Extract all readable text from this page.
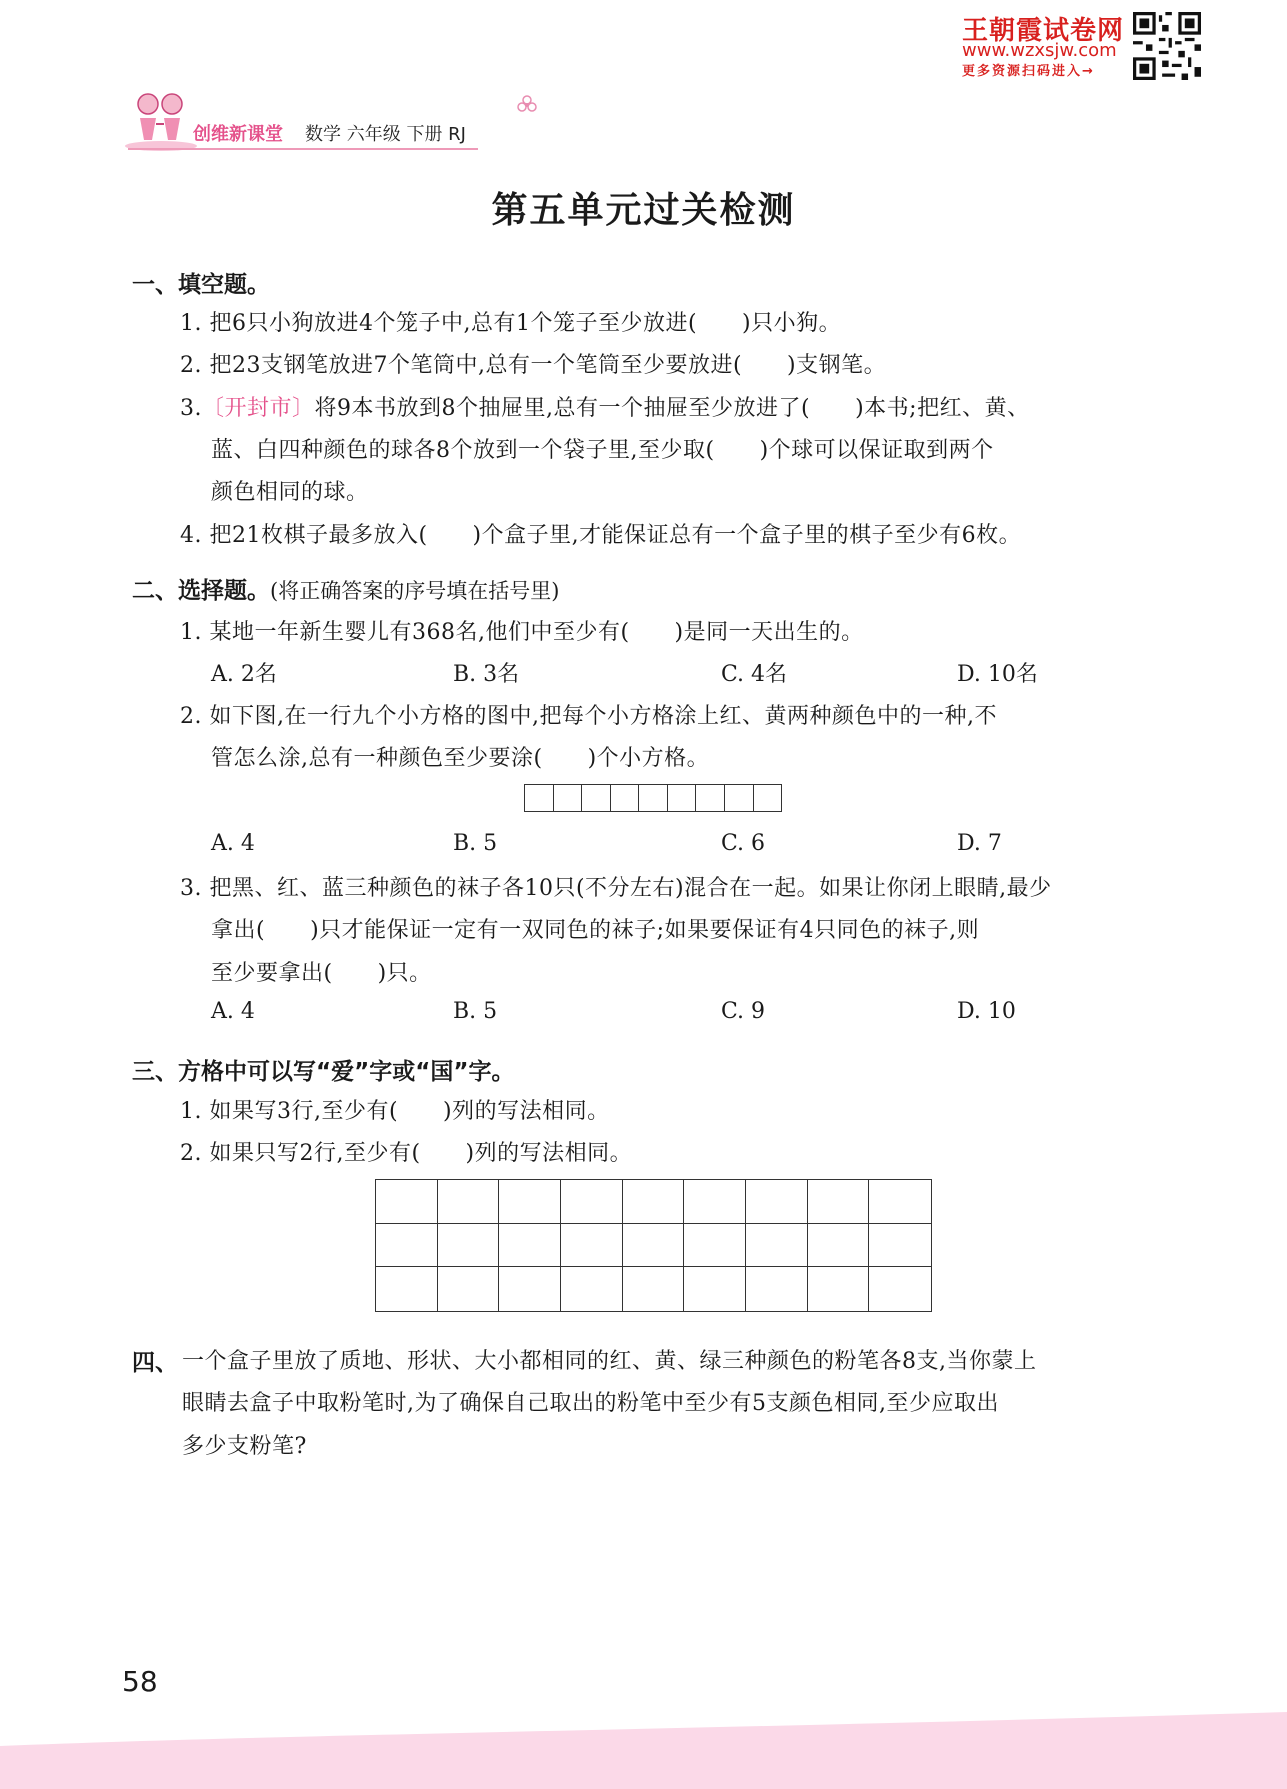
王朝霞试卷网
www.wzxsjw.com
更多资源扫码进入→
创维新课堂 数学 六年级 下册 RJ
第五单元过关检测
一、填空题。
1. 把6只小狗放进4个笼子中,总有1个笼子至少放进(　　)只小狗。
2. 把23支钢笔放进7个笔筒中,总有一个笔筒至少要放进(　　)支钢笔。
3.〔开封市〕将9本书放到8个抽屉里,总有一个抽屉至少放进了(　　)本书;把红、黄、
蓝、白四种颜色的球各8个放到一个袋子里,至少取(　　)个球可以保证取到两个
颜色相同的球。
4. 把21枚棋子最多放入(　　)个盒子里,才能保证总有一个盒子里的棋子至少有6枚。
二、选择题。(将正确答案的序号填在括号里)
1. 某地一年新生婴儿有368名,他们中至少有(　　)是同一天出生的。
A. 2名	B. 3名	C. 4名	D. 10名
2. 如下图,在一行九个小方格的图中,把每个小方格涂上红、黄两种颜色中的一种,不
管怎么涂,总有一种颜色至少要涂(　　)个小方格。
A. 4	B. 5	C. 6	D. 7
3. 把黑、红、蓝三种颜色的袜子各10只(不分左右)混合在一起。如果让你闭上眼睛,最少
拿出(　　)只才能保证一定有一双同色的袜子;如果要保证有4只同色的袜子,则
至少要拿出(　　)只。
A. 4	B. 5	C. 9	D. 10
三、方格中可以写“爱”字或“国”字。
1. 如果写3行,至少有(　　)列的写法相同。
2. 如果只写2行,至少有(　　)列的写法相同。
四、 一个盒子里放了质地、形状、大小都相同的红、黄、绿三种颜色的粉笔各8支,当你蒙上
眼睛去盒子中取粉笔时,为了确保自己取出的粉笔中至少有5支颜色相同,至少应取出
多少支粉笔?
58
